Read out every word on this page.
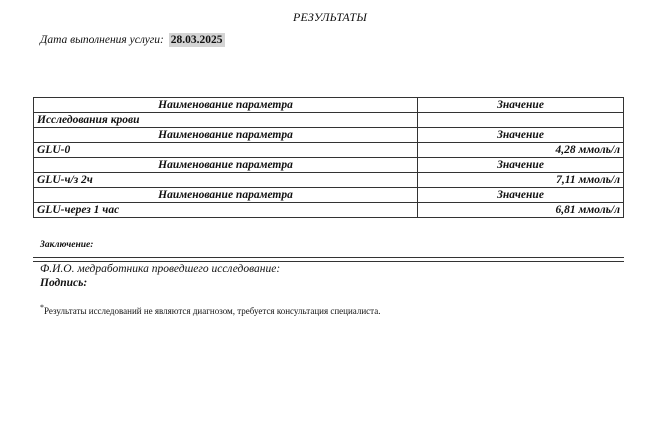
РЕЗУЛЬТАТЫ
Дата выполнения услуги: 28.03.2025
Наименование параметра	Значение
Исследования крови	
Наименование параметра	Значение
GLU-0	4,28 ммоль/л
Наименование параметра	Значение
GLU-ч/з 2ч	7,11 ммоль/л
Наименование параметра	Значение
GLU-через 1 час	6,81 ммоль/л
Заключение:
Ф.И.О. медработника проведшего исследование:
Подпись:
*Результаты исследований не являются диагнозом, требуется консультация специалиста.
